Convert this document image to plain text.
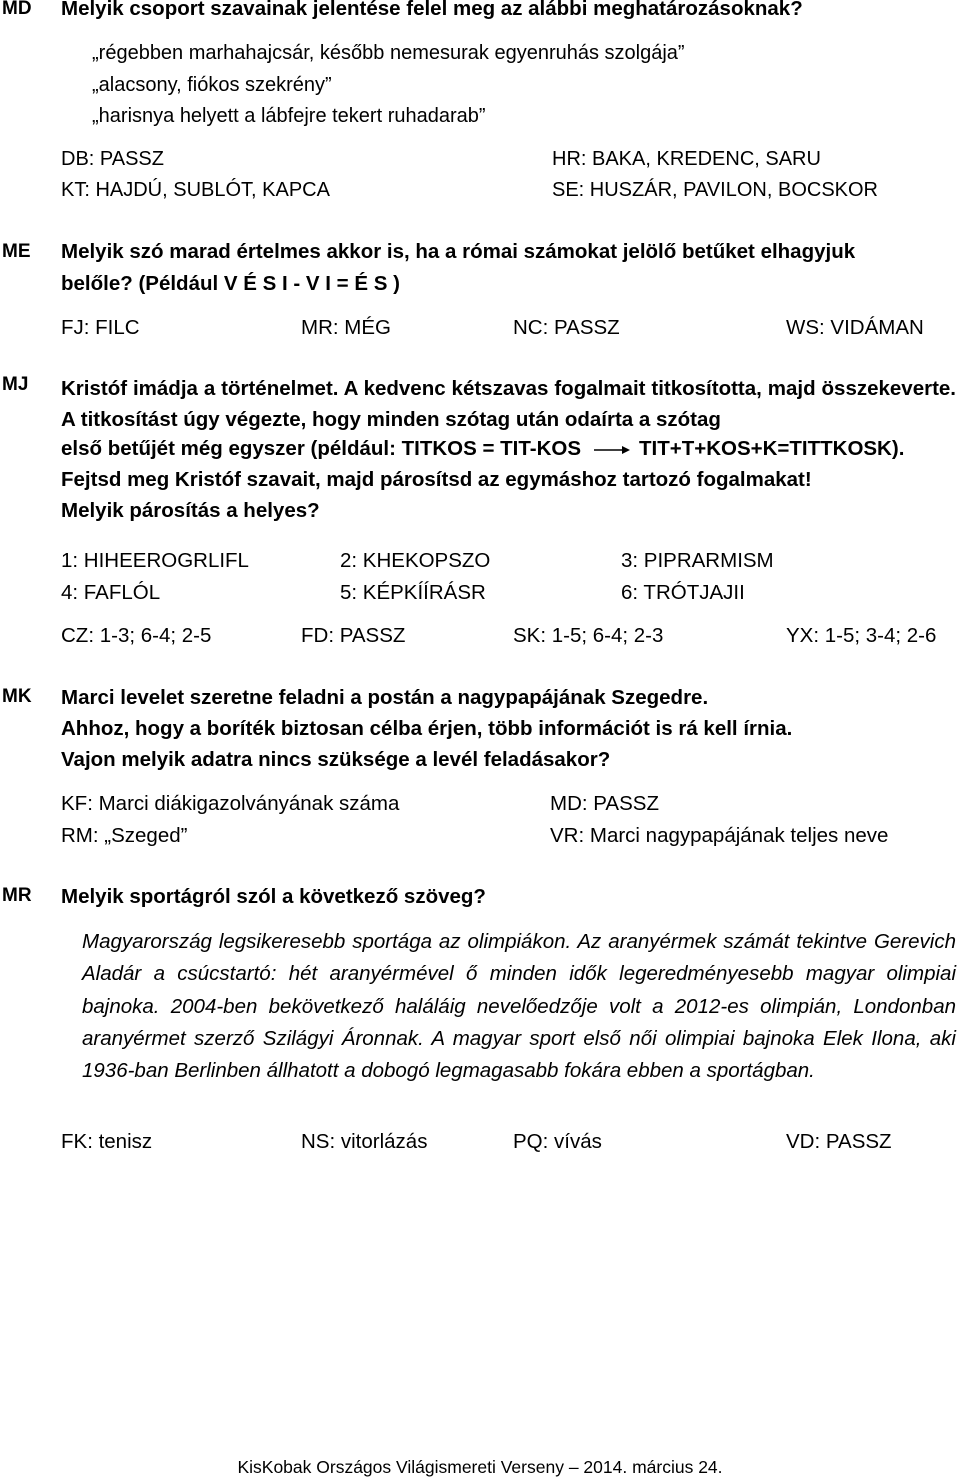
MD Melyik csoport szavainak jelentése felel meg az alábbi meghatározásoknak?
„régebben marhahajcsár, később nemesurak egyenruhás szolgája”
„alacsony, fiókos szekrény”
„harisnya helyett a lábfejre tekert ruhadarab”
DB: PASSZ	HR: BAKA, KREDENC, SARU
KT: HAJDÚ, SUBLÓT, KAPCA	SE: HUSZÁR, PAVILON, BOCSKOR
ME Melyik szó marad értelmes akkor is, ha a római számokat jelölő betűket elhagyjuk
belőle? (Például V É S I - V I = É S )
FJ: FILC	MR: MÉG	NC: PASSZ	WS: VIDÁMAN
MJ Kristóf imádja a történelmet. A kedvenc kétszavas fogalmait titkosította, majd összekeverte. A titkosítást úgy végezte, hogy minden szótag után odaírta a szótag
első betűjét még egyszer (például: TITKOS = TIT-KOS	TIT+T+KOS+K=TITTKOSK).
Fejtsd meg Kristóf szavait, majd párosítsd az egymáshoz tartozó fogalmakat!
Melyik párosítás a helyes?
1: HIHEEROGRLIFL	2: KHEKOPSZO	3: PIPRARMISM
4: FAFLÓL	5: KÉPKÍÍRÁSR	6: TRÓTJAJII
CZ: 1-3; 6-4; 2-5	FD: PASSZ	SK: 1-5; 6-4; 2-3	YX: 1-5; 3-4; 2-6
MK Marci levelet szeretne feladni a postán a nagypapájának Szegedre.
Ahhoz, hogy a boríték biztosan célba érjen, több információt is rá kell írnia.
Vajon melyik adatra nincs szüksége a levél feladásakor?
KF: Marci diákigazolványának száma	MD: PASSZ
RM: „Szeged”	VR: Marci nagypapájának teljes neve
MR Melyik sportágról szól a következő szöveg?
Magyarország legsikeresebb sportága az olimpiákon. Az aranyérmek számát tekintve Gerevich Aladár a csúcstartó: hét aranyérmével ő minden idők legeredményesebb magyar olimpiai bajnoka. 2004-ben bekövetkező haláláig nevelőedzője volt a 2012-es olimpián, Londonban aranyérmet szerző Szilágyi Áronnak. A magyar sport első női olimpiai bajnoka Elek Ilona, aki 1936-ban Berlinben állhatott a dobogó legmagasabb fokára ebben a sportágban.
FK: tenisz	NS: vitorlázás	PQ: vívás	VD: PASSZ
KisKobak Országos Világismereti Verseny – 2014. március 24.
